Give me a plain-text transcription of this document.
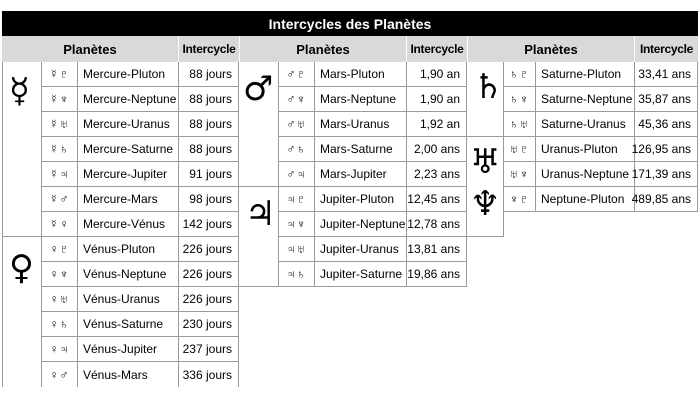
Intercycles des Planètes
Planètes	Intercycle
☿
♀
☿♇	Mercure-Pluton	88 jours
☿♆	Mercure-Neptune	88 jours
☿♅	Mercure-Uranus	88 jours
☿♄	Mercure-Saturne	88 jours
☿♃	Mercure-Jupiter	91 jours
☿♂	Mercure-Mars	98 jours
☿♀	Mercure-Vénus	142 jours
♀♇	Vénus-Pluton	226 jours
♀♆	Vénus-Neptune	226 jours
♀♅	Vénus-Uranus	226 jours
♀♄	Vénus-Saturne	230 jours
♀♃	Vénus-Jupiter	237 jours
♀♂	Vénus-Mars	336 jours
Planètes	Intercycle
♂
♃
♂♇	Mars-Pluton	1,90 an
♂♆	Mars-Neptune	1,90 an
♂♅	Mars-Uranus	1,92 an
♂♄	Mars-Saturne	2,00 ans
♂♃	Mars-Jupiter	2,23 ans
♃♇	Jupiter-Pluton	12,45 ans
♃♆	Jupiter-Neptune 12,78 ans
♃♅	Jupiter-Uranus 13,81 ans
♃♄	Jupiter-Saturne 19,86 ans
Planètes	Intercycle
♄
♅
♆
♄♇ Saturne-Pluton	33,41 ans
♄♆ Saturne-Neptune 35,87 ans
♄♅ Saturne-Uranus	45,36 ans
♅♇ Uranus-Pluton	126,95 ans
♅♆ Uranus-Neptune 171,39 ans
♆♇ Neptune-Pluton 489,85 ans
